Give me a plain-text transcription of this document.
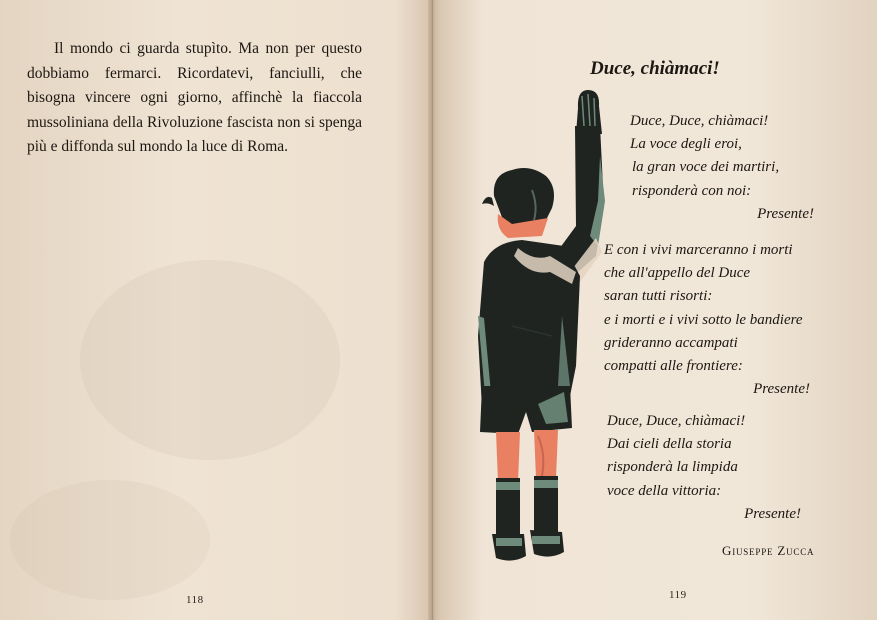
Il mondo ci guarda stupìto. Ma non per questo dobbiamo fermarci. Ricordatevi, fanciulli, che bisogna vincere ogni giorno, affinchè la fiaccola mussoliniana della Rivoluzione fascista non si spenga più e diffonda sul mondo la luce di Roma.

118
Duce, chiàmaci!
Duce, Duce, chiàmaci!
La voce degli eroi,
la gran voce dei martiri,
risponderà con noi:
Presente!
E con i vivi marceranno i morti
che all'appello del Duce
saran tutti risorti:
e i morti e i vivi sotto le bandiere
grideranno accampati
compatti alle frontiere:
Presente!
Duce, Duce, chiàmaci!
Dai cieli della storia
risponderà la limpida
voce della vittoria:
Presente!

Giuseppe Zucca

119
